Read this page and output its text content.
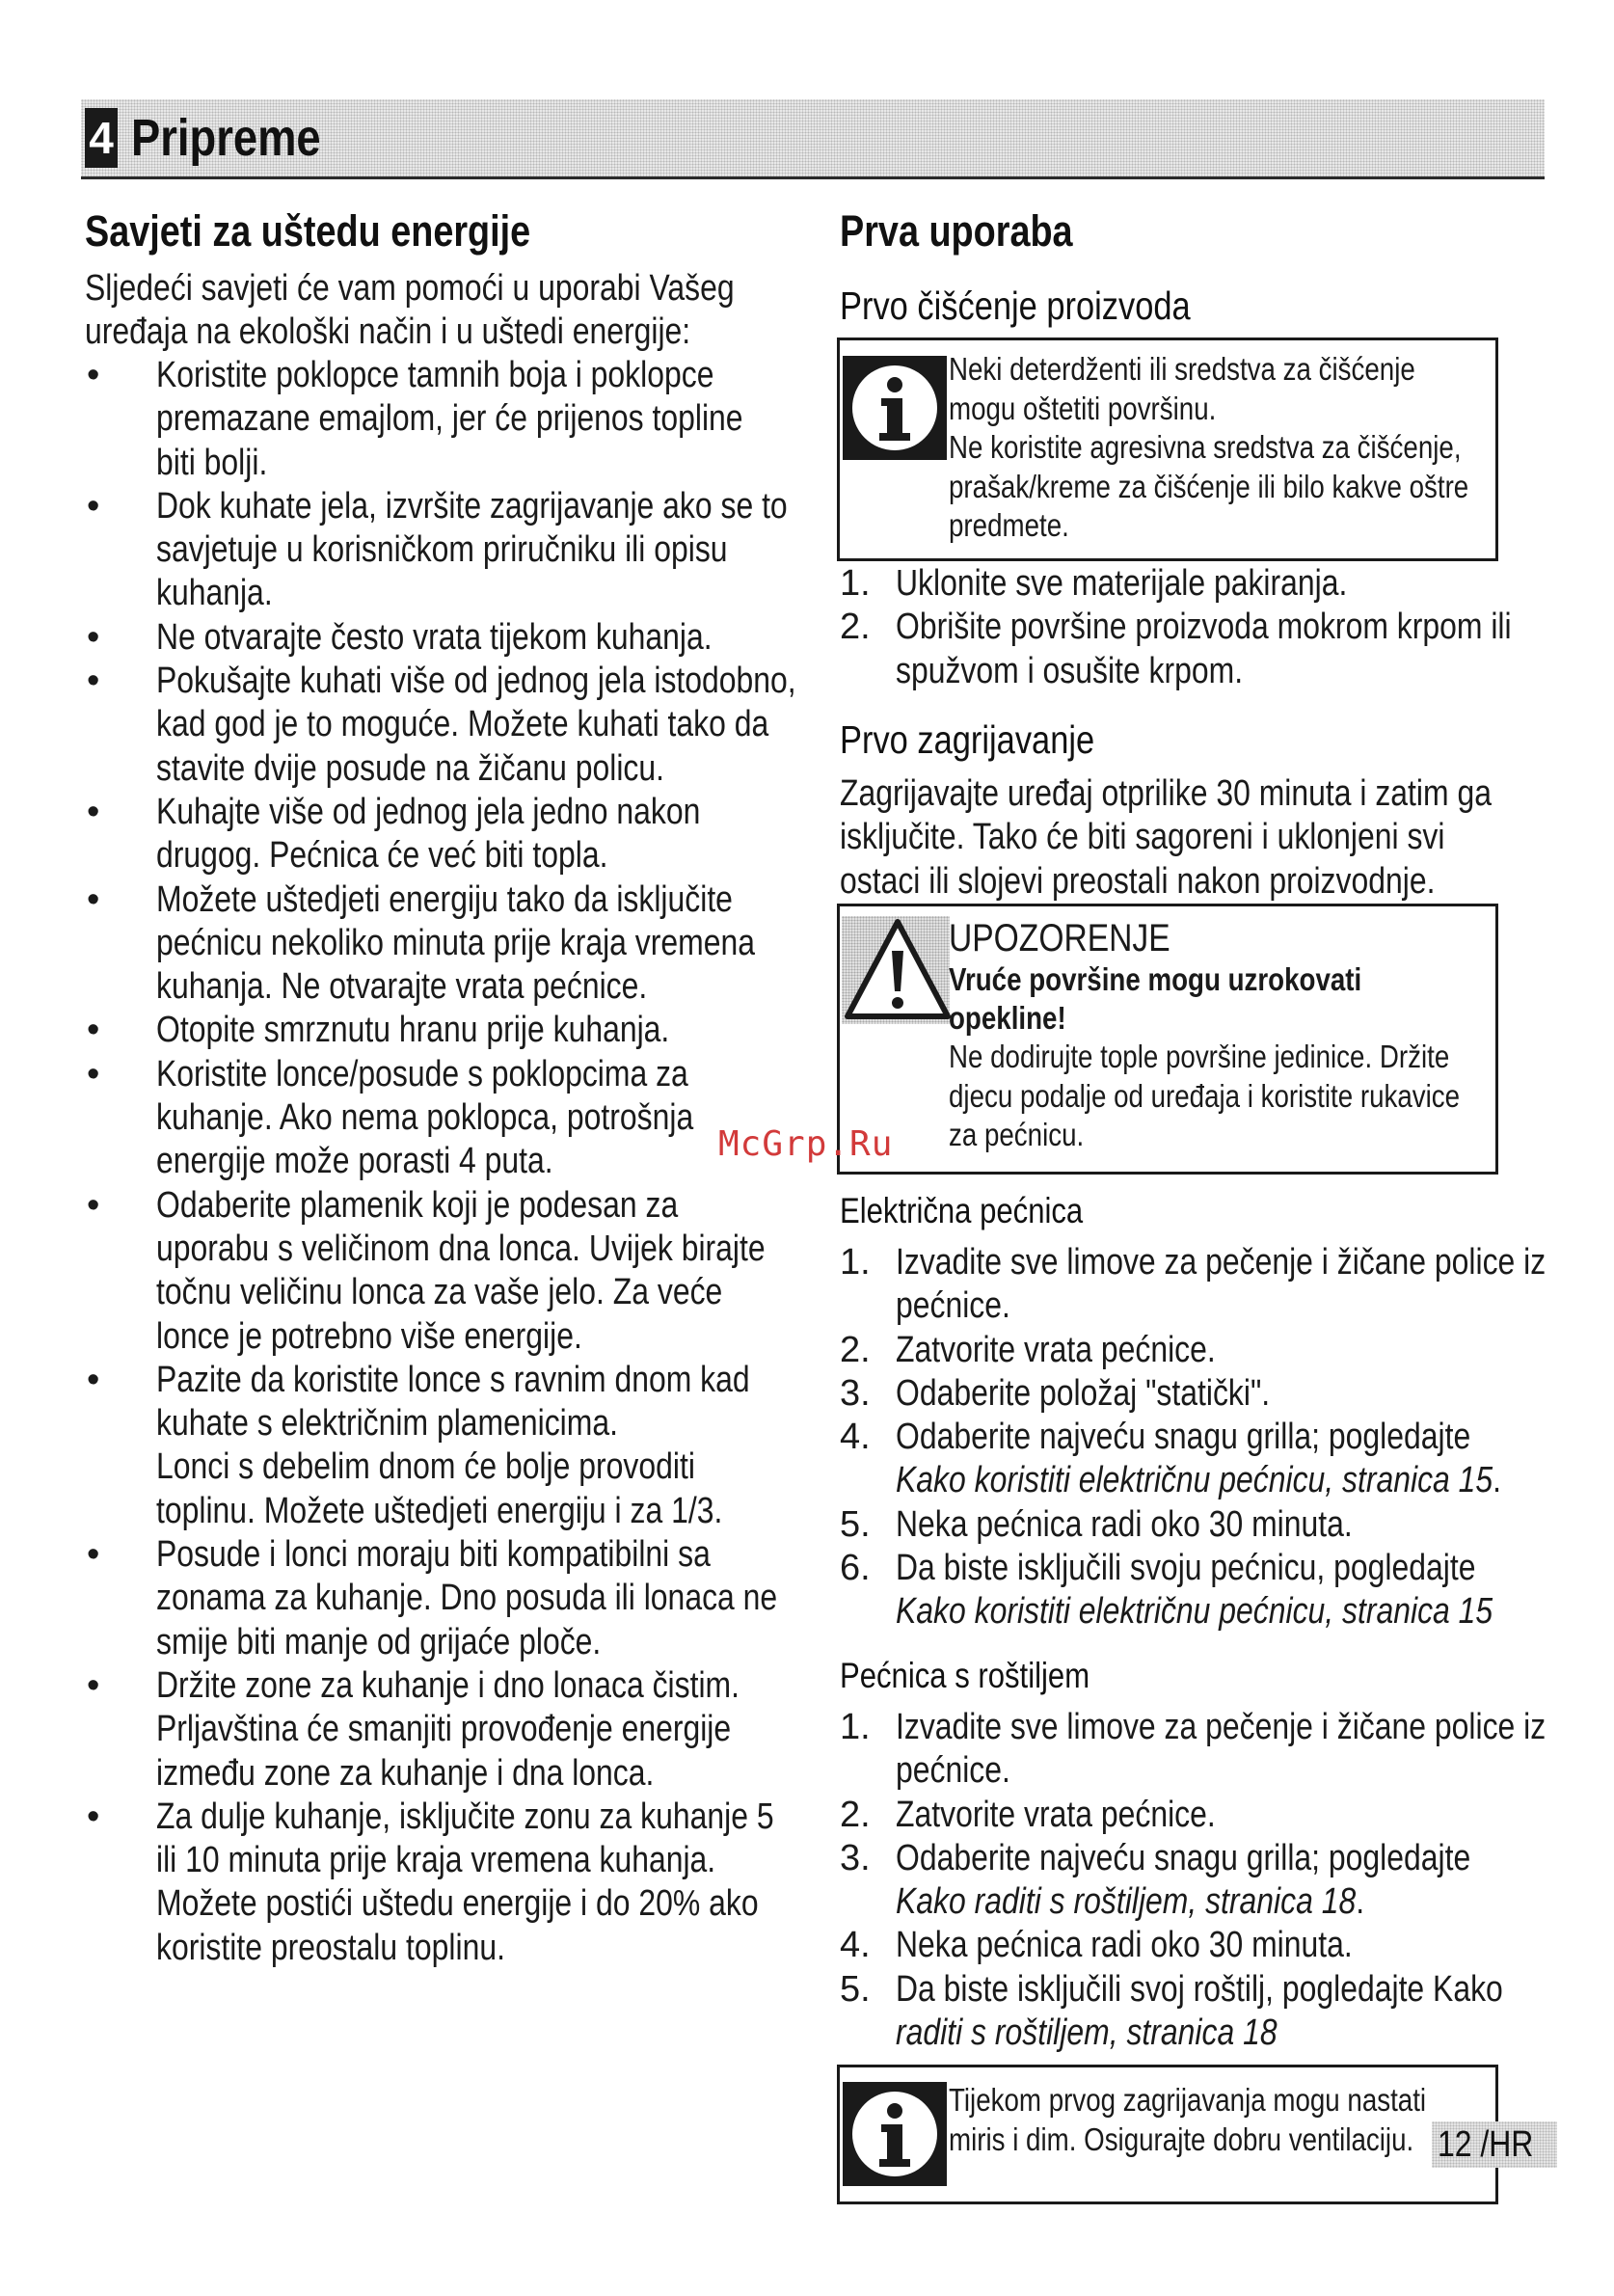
4 Pripreme
Savjeti za uštedu energije
Sljedeći savjeti će vam pomoći u uporabi Vašeg
uređaja na ekološki način i u uštedi energije:
• Koristite poklopce tamnih boja i poklopce
premazane emajlom, jer će prijenos topline
biti bolji.
• Dok kuhate jela, izvršite zagrijavanje ako se to
savjetuje u korisničkom priručniku ili opisu
kuhanja.
• Ne otvarajte često vrata tijekom kuhanja.
• Pokušajte kuhati više od jednog jela istodobno,
kad god je to moguće. Možete kuhati tako da
stavite dvije posude na žičanu policu.
• Kuhajte više od jednog jela jedno nakon
drugog. Pećnica će već biti topla.
• Možete uštedjeti energiju tako da isključite
pećnicu nekoliko minuta prije kraja vremena
kuhanja. Ne otvarajte vrata pećnice.
• Otopite smrznutu hranu prije kuhanja.
• Koristite lonce/posude s poklopcima za
kuhanje. Ako nema poklopca, potrošnja
energije može porasti 4 puta.
• Odaberite plamenik koji je podesan za
uporabu s veličinom dna lonca. Uvijek birajte
točnu veličinu lonca za vaše jelo. Za veće
lonce je potrebno više energije.
• Pazite da koristite lonce s ravnim dnom kad
kuhate s električnim plamenicima.
Lonci s debelim dnom će bolje provoditi
toplinu. Možete uštedjeti energiju i za 1/3.
• Posude i lonci moraju biti kompatibilni sa
zonama za kuhanje. Dno posuda ili lonaca ne
smije biti manje od grijaće ploče.
• Držite zone za kuhanje i dno lonaca čistim.
Prljavština će smanjiti provođenje energije
između zone za kuhanje i dna lonca.
• Za dulje kuhanje, isključite zonu za kuhanje 5
ili 10 minuta prije kraja vremena kuhanja.
Možete postići uštedu energije i do 20% ako
koristite preostalu toplinu.
Prva uporaba
Prvo čišćenje proizvoda
Neki deterdženti ili sredstva za čišćenje
mogu oštetiti površinu.
Ne koristite agresivna sredstva za čišćenje,
prašak/kreme za čišćenje ili bilo kakve oštre
predmete.
1. Uklonite sve materijale pakiranja.
2. Obrišite površine proizvoda mokrom krpom ili
spužvom i osušite krpom.
Prvo zagrijavanje
Zagrijavajte uređaj otprilike 30 minuta i zatim ga
isključite. Tako će biti sagoreni i uklonjeni svi
ostaci ili slojevi preostali nakon proizvodnje.
UPOZORENJE
Vruće površine mogu uzrokovati
opekline!
Ne dodirujte tople površine jedinice. Držite
djecu podalje od uređaja i koristite rukavice
za pećnicu.
Električna pećnica
1. Izvadite sve limove za pečenje i žičane police iz
pećnice.
2. Zatvorite vrata pećnice.
3. Odaberite položaj "statički".
4. Odaberite najveću snagu grilla; pogledajte
Kako koristiti električnu pećnicu, stranica 15.
5. Neka pećnica radi oko 30 minuta.
6. Da biste isključili svoju pećnicu, pogledajte
Kako koristiti električnu pećnicu, stranica 15
Pećnica s roštiljem
1. Izvadite sve limove za pečenje i žičane police iz
pećnice.
2. Zatvorite vrata pećnice.
3. Odaberite najveću snagu grilla; pogledajte
Kako raditi s roštiljem, stranica 18.
4. Neka pećnica radi oko 30 minuta.
5. Da biste isključili svoj roštilj, pogledajte Kako
raditi s roštiljem, stranica 18
Tijekom prvog zagrijavanja mogu nastati
miris i dim. Osigurajte dobru ventilaciju.
McGrp.Ru
12 /HR
